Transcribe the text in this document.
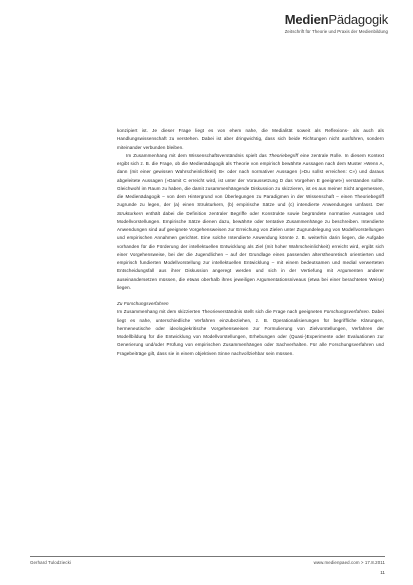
MedienPädagogik
Zeitschrift für Theorie und Praxis der Medienbildung

konzipiert ist. Je dieser Frage liegt es von ehem nahe, die Medialität soweit als Reflexions- als auch als Handlungswissenschaft zu verstehen. Dabei ist aber dringwichtig, dass sich beide Richtungen nicht ausführen, sondern miteinander verbunden bleiben.

Im Zusammenhang mit dem Wissenschaftsverständnis spielt das Theoriebegriff eine zentrale Rolle. In diesem Kontext ergibt sich z. B. die Frage, ob die Medienädagogik als Theorie von empirisch bewährte Aussagen nach dem Muster »Wenn A, dann (mit einer gewissen Wahrscheinlichkeit) B« oder nach normativer Aussagen (»Du sollst erreichen: C«) und daraus abgeleitete Aussagen (»Damit C erreicht wird, ist unter der Voraussetzung D das Vorgehen E geeignet«) verstanden sollte. Gleichwohl im Raum zu haben, die damit zusammenhängende Diskussion zu skizzieren, ist es aus meiner Sicht angemessen, die Medienädagogik – von dem Hintergrund von Überlegungen zu Paradigmen in der Wissenschaft – einen Theoriebegriff zugrunde zu legen, der (a) einen Strukturkern, (b) empirische Sätze und (c) intendierte Anwendungen umfasst. Der Strukturkern enthält dabei die Definition zentraler Begriffe oder Konstrukte sowie begründete normative Aussagen und Modellvorstellungen. Empirische Sätze dienen dazu, bewährte oder tentative Zusammenhänge zu beschreiben. Intendierte Anwendungen sind auf geeignete Vorgehensweisen zur Erreichung von Zielen unter Zugrundelegung von Modellvorstellungen und empirischen Annahmen gerichtet. Eine solche Intendierte Anwendung könnte z. B. weiterhin darin liegen, die Aufgabe vorhanden für die Förderung der intellektuellen Entwicklung als Ziel (mit hoher Wahrscheinlichkeit) erreicht wird, ergibt sich einer Vorgehensweise, bei der die Jugendlichen – auf der Grundlage eines passenden alterstheoretisch orientierten und empirisch fundierten Modellvorstellung zur intellektuellen Entwicklung – mit einem bedeutsamen und medial verwerteten Entscheidungsfall aus ihrer Diskussion angeregt werden und sich in der Vertiefung mit Argumenten anderer auseinandersetzen müssen, die etwas oberhalb ihres jeweiligen Argumentationsniveaus (etwa bei einer berachteten Weise) liegen.

Zu Forschungsverfahren

Im Zusammenhang mit dem skizzierten Theorieverständnis stellt sich die Frage nach geeigneten Forschungsverfahren. Dabei liegt es nahe, unterschiedliche Verfahren einzubeziehen, z. B. Operationalisierungen für begriffliche Klärungen, hermeneutische oder ideologiekritische Vorgehensweisen zur Formulierung von Zielvorstellungen, Verfahren der Modellbildung für die Entwicklung von Modellvorstellungen, Erhebungen oder (Quasi-)Experimente oder Evaluationen zur Generierung und/oder Prüfung von empirischen Zusammenhängen oder Sachverhalten. Für alle Forschungsverfahren und Fragebeiträge gilt, dass sie in einem objektiven Sinne nachvollziehbar sein müssen.

Gerhard Tulodziecki	www.medienpaed.com > 17.8.2011
11
